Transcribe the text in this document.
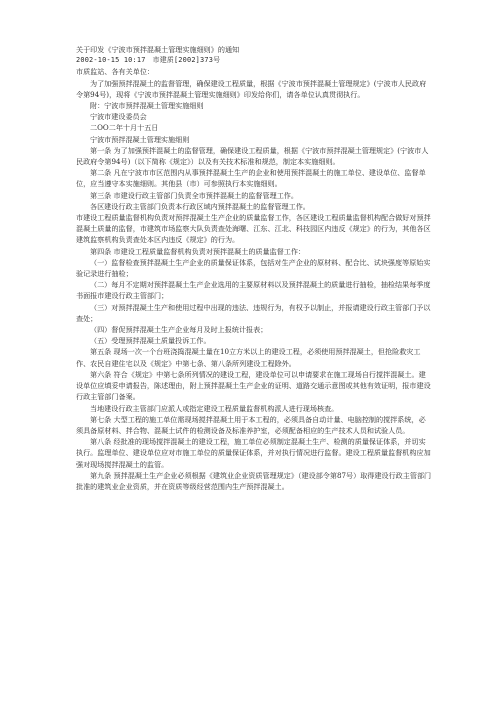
关于印发《宁波市预拌混凝土管理实施细则》的通知

2002-10-15 10:17　市建质[2002]373号

市质监站、各有关单位：

为了加强预拌混凝土的监督管理，确保建设工程质量，根据《宁波市预拌混凝土管理规定》(宁波市人民政府令第94号)，现将《宁波市预拌混凝土管理实施细则》印发给你们，请各单位认真贯彻执行。

附：宁波市预拌混凝土管理实施细则

宁波市建设委员会

二OO二年十月十五日

宁波市预拌混凝土管理实施细则

第一条 为了加强预拌混凝土的监督管理，确保建设工程质量，根据《宁波市预拌混凝土管理规定》(宁波市人民政府令第94号)（以下简称《规定》）以及有关技术标准和规范，制定本实施细则。

第二条 凡在宁波市市区范围内从事预拌混凝土生产的企业和使用预拌混凝土的施工单位、建设单位、监督单位，应当遵守本实施细则。其他县（市）可参照执行本实施细则。

第三条 市建设行政主管部门负责全市预拌混凝土的监督管理工作。

各区建设行政主管部门负责本行政区域内预拌混凝土的监督管理工作。

市建设工程质量监督机构负责对预拌混凝土生产企业的质量监督工作，各区建设工程质量监督机构配合做好对预拌混凝土质量的监督，市建筑市场监察大队负责查处海曙、江东、江北、科技园区内违反《规定》的行为，其他各区建筑监察机构负责查处本区内违反《规定》的行为。

第四条 市建设工程质量监督机构负责对预拌混凝土的质量监督工作：

（一）监督检查预拌混凝土生产企业的质量保证体系，包括对生产企业的原材料、配合比、试块强度等原始实验记录进行抽检；

（二）每月不定期对预拌混凝土生产企业选用的主要原材料以及预拌混凝土的质量进行抽检，抽检结果每季度书面报市建设行政主管部门；

（三）对预拌混凝土生产和使用过程中出现的违法、违规行为，有权予以制止，并报请建设行政主管部门予以查处；

（四）督促预拌混凝土生产企业每月及时上报统计报表；

（五）受理预拌混凝土质量投诉工作。

第五条 现场一次一个台班浇捣混凝土量在10立方米以上的建设工程，必须使用预拌混凝土，但抢险救灾工作、农民自建住宅以及《规定》中第七条、第八条所列建设工程除外。

第六条 符合《规定》中第七条所列情况的建设工程，建设单位可以申请要求在施工现场自行搅拌混凝土。建设单位应填妥申请报告，陈述理由，附上预拌混凝土生产企业的证明、道路交通示意图或其他有效证明，报市建设行政主管部门备案。

当地建设行政主管部门应派人或指定建设工程质量监督机构派人进行现场核查。

第七条 大型工程的施工单位需现场搅拌混凝土用于本工程的，必须具备自动计量、电脑控制的搅拌系统，必须具备原材料、拌合物、混凝土试件的检测设备及标准养护室，必须配备相应的生产技术人员和试验人员。

第八条 经批准的现场搅拌混凝土的建设工程，施工单位必须制定混凝土生产、检测的质量保证体系，并切实执行。监理单位、建设单位应对市施工单位的质量保证体系，并对执行情况进行监督。建设工程质量监督机构应加强对现场搅拌混凝土的监管。

第九条 预拌混凝土生产企业必须根据《建筑业企业资质管理规定》（建设部令第87号）取得建设行政主管部门批准的建筑业企业资质，并在资质等级经营范围内生产预拌混凝土。
